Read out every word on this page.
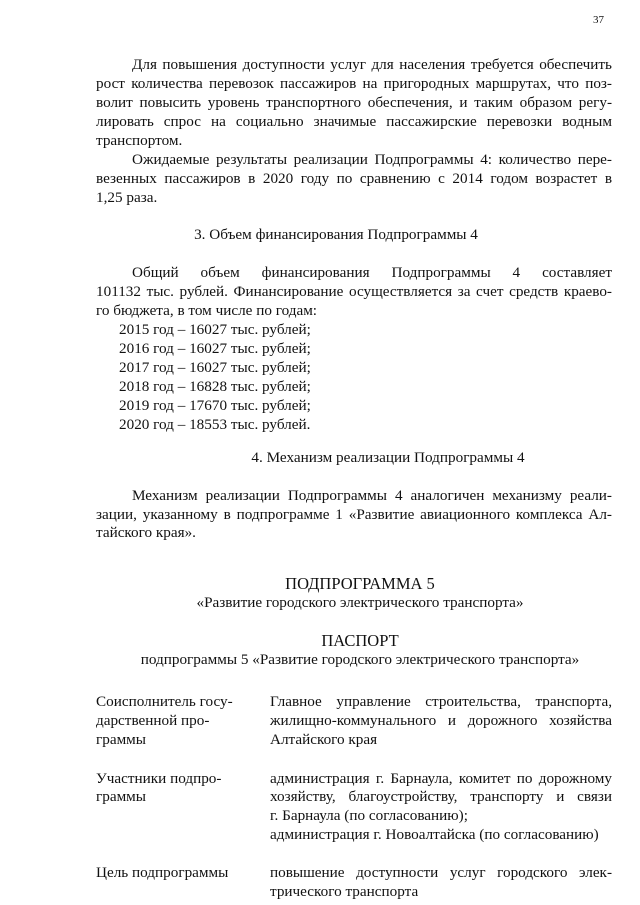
37
Для повышения доступности услуг для населения требуется обеспечить
рост количества перевозок пассажиров на пригородных маршрутах, что поз-
волит повысить уровень транспортного обеспечения, и таким образом регу-
лировать спрос на социально значимые пассажирские перевозки водным
транспортом.
Ожидаемые результаты реализации Подпрограммы 4: количество пере-
везенных пассажиров в 2020 году по сравнению с 2014 годом возрастет в
1,25 раза.
3. Объем финансирования Подпрограммы 4
Общий объем финансирования Подпрограммы 4 составляет
101132 тыс. рублей. Финансирование осуществляется за счет средств краево-
го бюджета, в том числе по годам:
2015 год – 16027 тыс. рублей;
2016 год – 16027 тыс. рублей;
2017 год – 16027 тыс. рублей;
2018 год – 16828 тыс. рублей;
2019 год – 17670 тыс. рублей;
2020 год – 18553 тыс. рублей.
4. Механизм реализации Подпрограммы 4
Механизм реализации Подпрограммы 4 аналогичен механизму реали-
зации, указанному в подпрограмме 1 «Развитие авиационного комплекса Ал-
тайского края».
ПОДПРОГРАММА 5
«Развитие городского электрического транспорта»
ПАСПОРТ
подпрограммы 5 «Развитие городского электрического транспорта»
Соисполнитель госу-
дарственной про-
граммы
Главное управление строительства, транспорта,
жилищно-коммунального и дорожного хозяйства
Алтайского края
Участники подпро-
граммы
администрация г. Барнаула, комитет по дорожному
хозяйству, благоустройству, транспорту и связи
г. Барнаула (по согласованию);
администрация г. Новоалтайска (по согласованию)
Цель подпрограммы	повышение доступности услуг городского элек-
трического транспорта
